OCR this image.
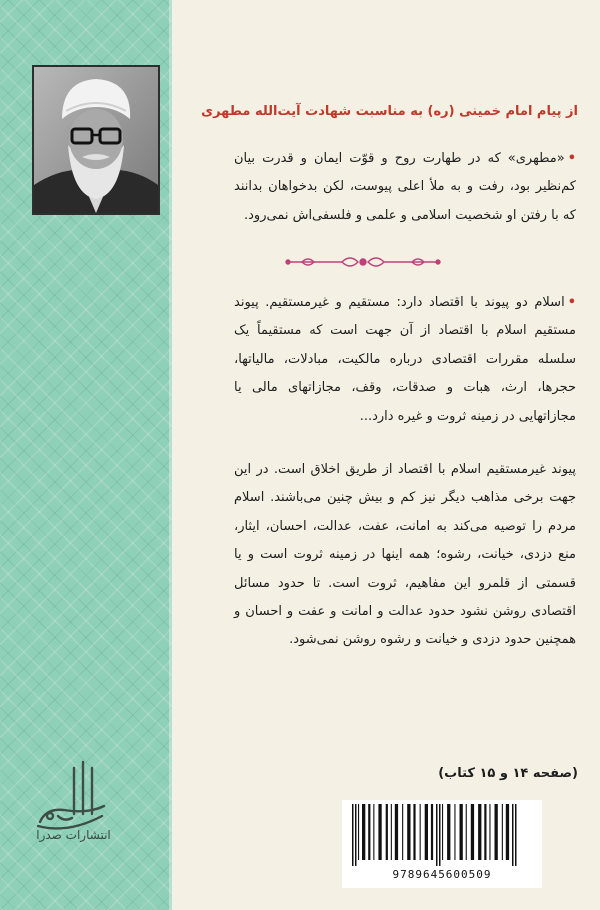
انتشارات صدرا
از پیام امام خمینی (ره) به مناسبت شهادت آیت‌الله مطهری
•«مطهری» که در طهارت روح و قوّت ایمان و قدرت بیان کم‌نظیر بود، رفت و به ملأ اعلی پیوست، لکن بدخواهان بدانند که با رفتن او شخصیت اسلامی و علمی و فلسفی‌اش نمی‌رود.
•اسلام دو پیوند با اقتصاد دارد: مستقیم و غیرمستقیم. پیوند مستقیم اسلام با اقتصاد از آن جهت است که مستقیماً یک سلسله مقررات اقتصادی درباره مالکیت، مبادلات، مالیاتها، حجرها، ارث، هبات و صدقات، وقف، مجازاتهای مالی یا مجازاتهایی در زمینه ثروت و غیره دارد...
پیوند غیرمستقیم اسلام با اقتصاد از طریق اخلاق است. در این جهت برخی مذاهب دیگر نیز کم و بیش چنین می‌باشند. اسلام مردم را توصیه می‌کند به امانت، عفت، عدالت، احسان، ایثار، منع دزدی، خیانت، رشوه؛ همه اینها در زمینه ثروت است و یا قسمتی از قلمرو این مفاهیم، ثروت است. تا حدود مسائل اقتصادی روشن نشود حدود عدالت و امانت و عفت و احسان و همچنین حدود دزدی و خیانت و رشوه روشن نمی‌شود.
(صفحه ۱۴ و ۱۵ کتاب)
9789645600509
